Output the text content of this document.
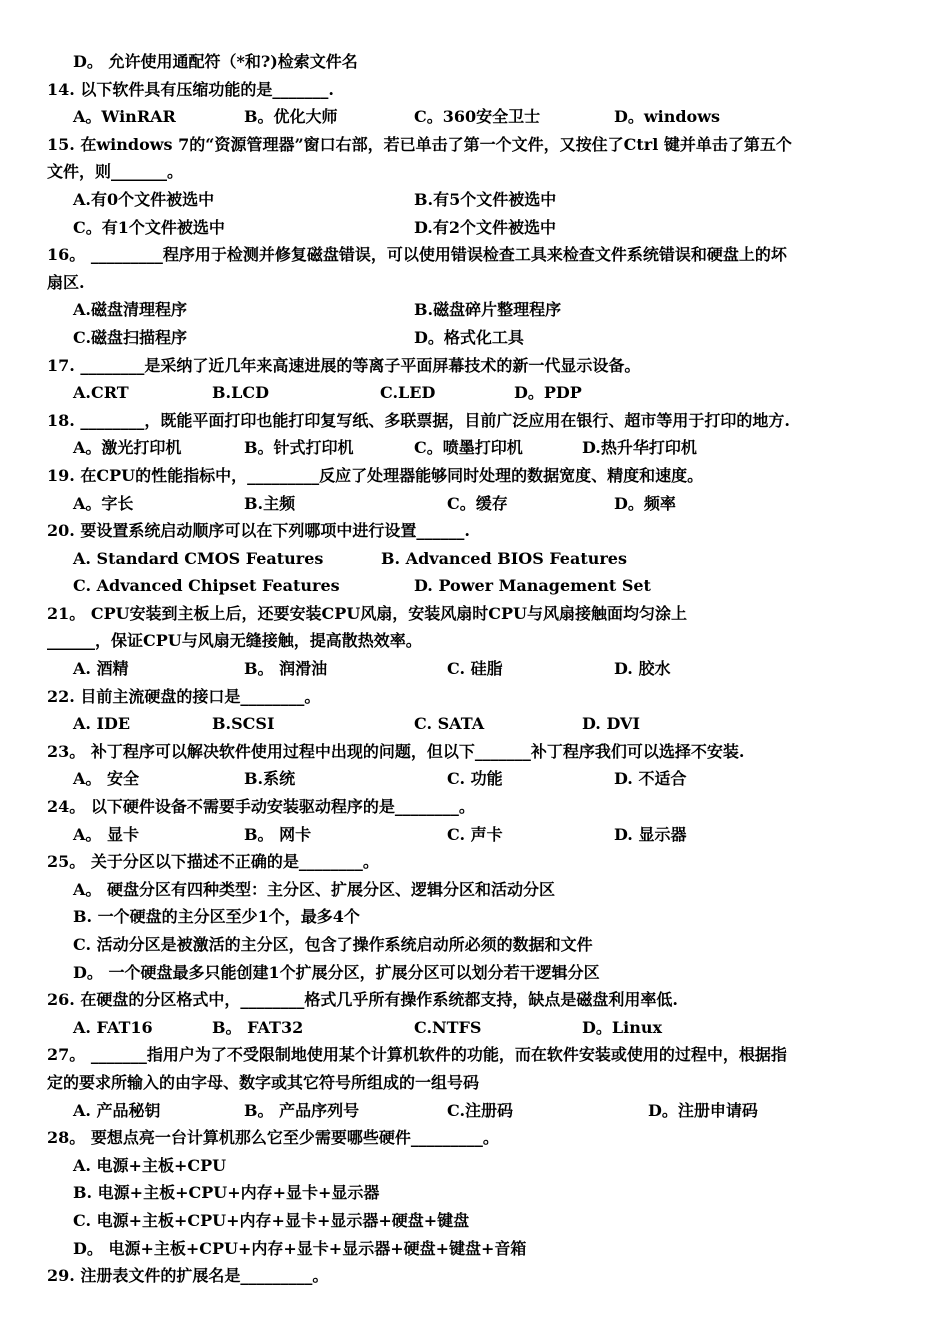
D。 允许使用通配符（*和?)检索文件名
14. 以下软件具有压缩功能的是_______.
A。WinRAR	B。优化大师	C。360安全卫士	D。windows
15. 在windows 7的“资源管理器”窗口右部，若已单击了第一个文件，又按住了Ctrl 键并单击了第五个
文件，则_______。
A.有0个文件被选中	B.有5个文件被选中
C。有1个文件被选中	D.有2个文件被选中
16。 _________程序用于检测并修复磁盘错误，可以使用错误检查工具来检查文件系统错误和硬盘上的坏
扇区.
A.磁盘清理程序	B.磁盘碎片整理程序
C.磁盘扫描程序	D。格式化工具
17. ________是采纳了近几年来高速进展的等离子平面屏幕技术的新一代显示设备。
A.CRT	B.LCD	C.LED	D。PDP
18. ________，既能平面打印也能打印复写纸、多联票据，目前广泛应用在银行、超市等用于打印的地方.
A。激光打印机	B。针式打印机	C。喷墨打印机	D.热升华打印机
19. 在CPU的性能指标中，_________反应了处理器能够同时处理的数据宽度、精度和速度。
A。字长	B.主频	C。缓存	D。频率
20. 要设置系统启动顺序可以在下列哪项中进行设置______.
A. Standard CMOS Features	B. Advanced BIOS Features
C. Advanced Chipset Features	D. Power Management Set
21。 CPU安装到主板上后，还要安装CPU风扇，安装风扇时CPU与风扇接触面均匀涂上
______，保证CPU与风扇无缝接触，提高散热效率。
A. 酒精	B。 润滑油	C. 硅脂	D. 胶水
22. 目前主流硬盘的接口是________。
A. IDE	B.SCSI	C. SATA	D. DVI
23。 补丁程序可以解决软件使用过程中出现的问题，但以下_______补丁程序我们可以选择不安装.
A。 安全	B.系统	C. 功能	D. 不适合
24。 以下硬件设备不需要手动安装驱动程序的是________。
A。 显卡	B。 网卡	C. 声卡	D. 显示器
25。 关于分区以下描述不正确的是________。
A。 硬盘分区有四种类型：主分区、扩展分区、逻辑分区和活动分区
B. 一个硬盘的主分区至少1个，最多4个
C. 活动分区是被激活的主分区，包含了操作系统启动所必须的数据和文件
D。 一个硬盘最多只能创建1个扩展分区，扩展分区可以划分若干逻辑分区
26. 在硬盘的分区格式中，________格式几乎所有操作系统都支持，缺点是磁盘利用率低.
A. FAT16	B。 FAT32	C.NTFS	D。Linux
27。 _______指用户为了不受限制地使用某个计算机软件的功能，而在软件安装或使用的过程中，根据指
定的要求所输入的由字母、数字或其它符号所组成的一组号码
A. 产品秘钥	B。 产品序列号	C.注册码	D。注册申请码
28。 要想点亮一台计算机那么它至少需要哪些硬件_________。
A. 电源+主板+CPU
B. 电源+主板+CPU+内存+显卡+显示器
C. 电源+主板+CPU+内存+显卡+显示器+硬盘+键盘
D。 电源+主板+CPU+内存+显卡+显示器+硬盘+键盘+音箱
29. 注册表文件的扩展名是_________。
